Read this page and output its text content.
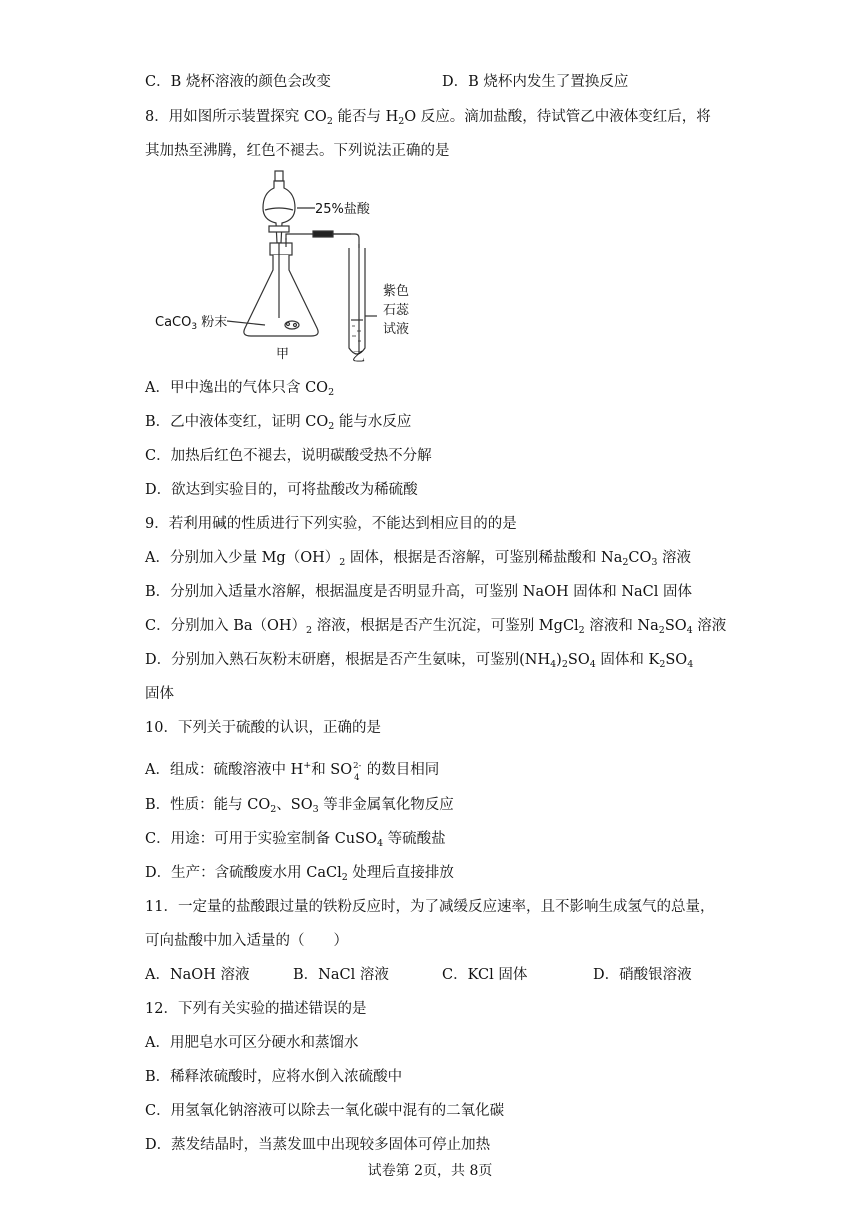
C．B 烧杯溶液的颜色会改变	D．B 烧杯内发生了置换反应
8．用如图所示装置探究 $CO_2$ 能否与 $H_2O$ 反应。滴加盐酸，待试管乙中液体变红后，将
其加热至沸腾，红色不褪去。下列说法正确的是
25%盐酸
CaCO$_3$ 粉末
紫色
石蕊
试液
甲	乙
A．甲中逸出的气体只含 $CO_2$
B．乙中液体变红，证明 $CO_2$ 能与水反应
C．加热后红色不褪去，说明碳酸受热不分解
D．欲达到实验目的，可将盐酸改为稀硫酸
9．若利用碱的性质进行下列实验，不能达到相应目的的是
A．分别加入少量 $Mg(OH)_2$ 固体，根据是否溶解，可鉴别稀盐酸和 $Na_2CO_3$ 溶液
B．分别加入适量水溶解，根据温度是否明显升高，可鉴别 NaOH 固体和 NaCl 固体
C．分别加入 $Ba(OH)_2$ 溶液，根据是否产生沉淀，可鉴别 MgCl$_2$ 溶液和 $Na_2SO_4$ 溶液
D．分别加入熟石灰粉末研磨，根据是否产生氨味，可鉴别$(NH_4)_2SO_4$ 固体和 $K_2SO_4$
固体
10．下列关于硫酸的认识，正确的是
A．组成：硫酸溶液中 H+和 SO 2-
4 的数目相同
B．性质：能与 $CO_2$、$SO_3$ 等非金属氧化物反应
C．用途：可用于实验室制备 CuSO$_4$ 等硫酸盐
D．生产：含硫酸废水用 CaCl$_2$ 处理后直接排放
11．一定量的盐酸跟过量的铁粉反应时，为了减缓反应速率，且不影响生成氢气的总量，
可向盐酸中加入适量的（　　）
A．NaOH 溶液	B．NaCl 溶液	C．KCl 固体	D．硝酸银溶液
12．下列有关实验的描述错误的是
A．用肥皂水可区分硬水和蒸馏水
B．稀释浓硫酸时，应将水倒入浓硫酸中
C．用氢氧化钠溶液可以除去一氧化碳中混有的二氧化碳
D．蒸发结晶时，当蒸发皿中出现较多固体可停止加热
试卷第 2页，共 8页
